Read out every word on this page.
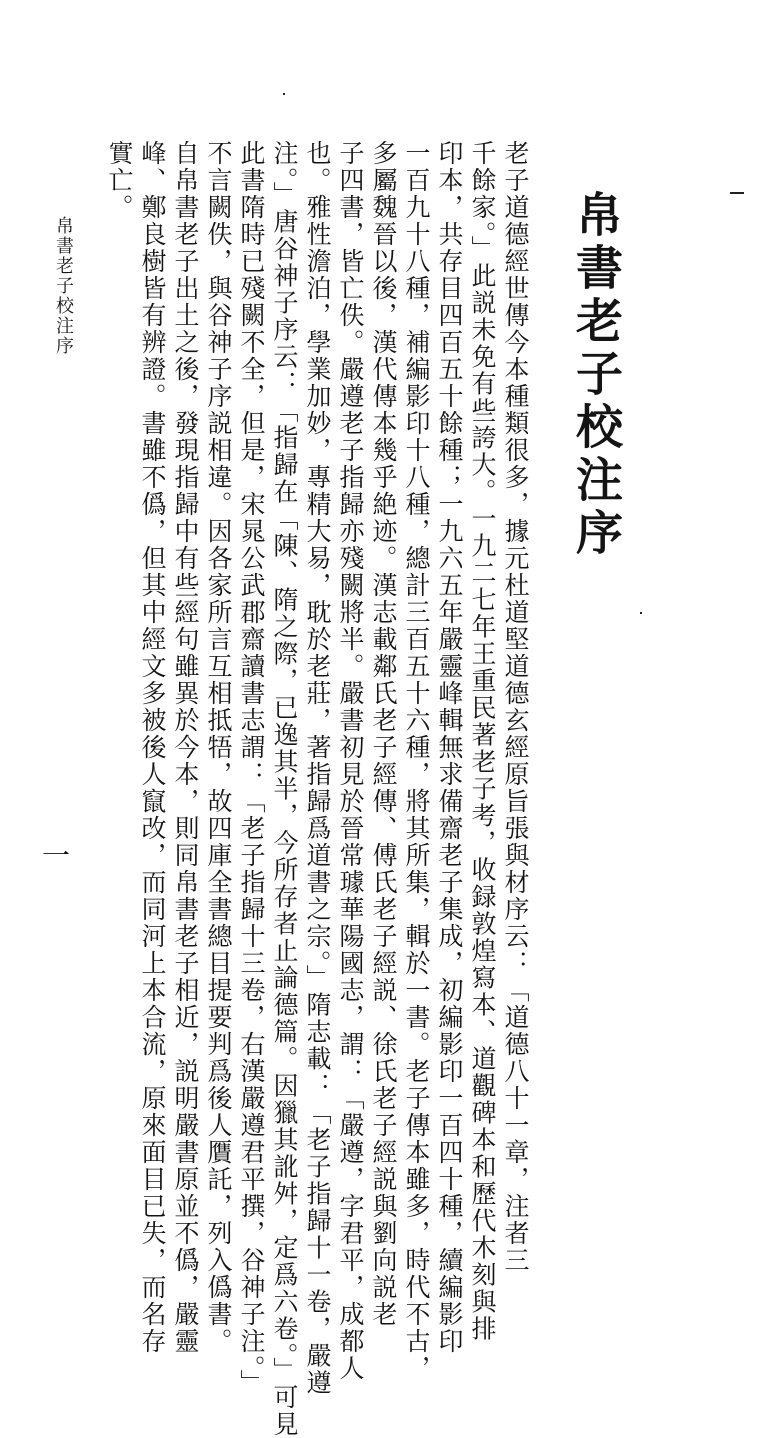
帛書老子校注序
老子道德經世傳今本種類很多，據元杜道堅道德玄經原旨張與材序云：「道德八十一章，注者三
千餘家。」此説未免有些誇大。一九二七年王重民著老子考，收録敦煌寫本、道觀碑本和歷代木刻與排
印本，共存目四百五十餘種；一九六五年嚴靈峰輯無求備齋老子集成，初編影印一百四十種，續編影印
一百九十八種，補編影印十八種，總計三百五十六種，將其所集，輯於一書。老子傳本雖多，時代不古，
多屬魏晉以後，漢代傳本幾乎絶迹。漢志載鄰氏老子經傳、傅氏老子經説、徐氏老子經説與劉向説老
子四書，皆亡佚。嚴遵老子指歸亦殘闕將半。嚴書初見於晉常璩華陽國志，謂：「嚴遵，字君平，成都人
也。雅性澹泊，學業加妙，專精大易，耽於老莊，著指歸爲道書之宗。」隋志載：「老子指歸十一卷，嚴遵
注。」唐谷神子序云：「指歸在「陳、隋之際，已逸其半，今所存者止論德篇。因獵其訛舛，定爲六卷。」可見
此書隋時已殘闕不全，但是，宋晁公武郡齋讀書志謂：「老子指歸十三卷，右漢嚴遵君平撰，谷神子注。」
不言闕佚，與谷神子序説相違。因各家所言互相抵牾，故四庫全書總目提要判爲後人贋託，列入僞書。
自帛書老子出土之後，發現指歸中有些經句雖異於今本，則同帛書老子相近，説明嚴書原並不僞，嚴靈
峰、鄭良樹皆有辨證。書雖不僞，但其中經文多被後人竄改，而同河上本合流，原來面目已失，而名存
實亡。
帛書老子校注序
一
